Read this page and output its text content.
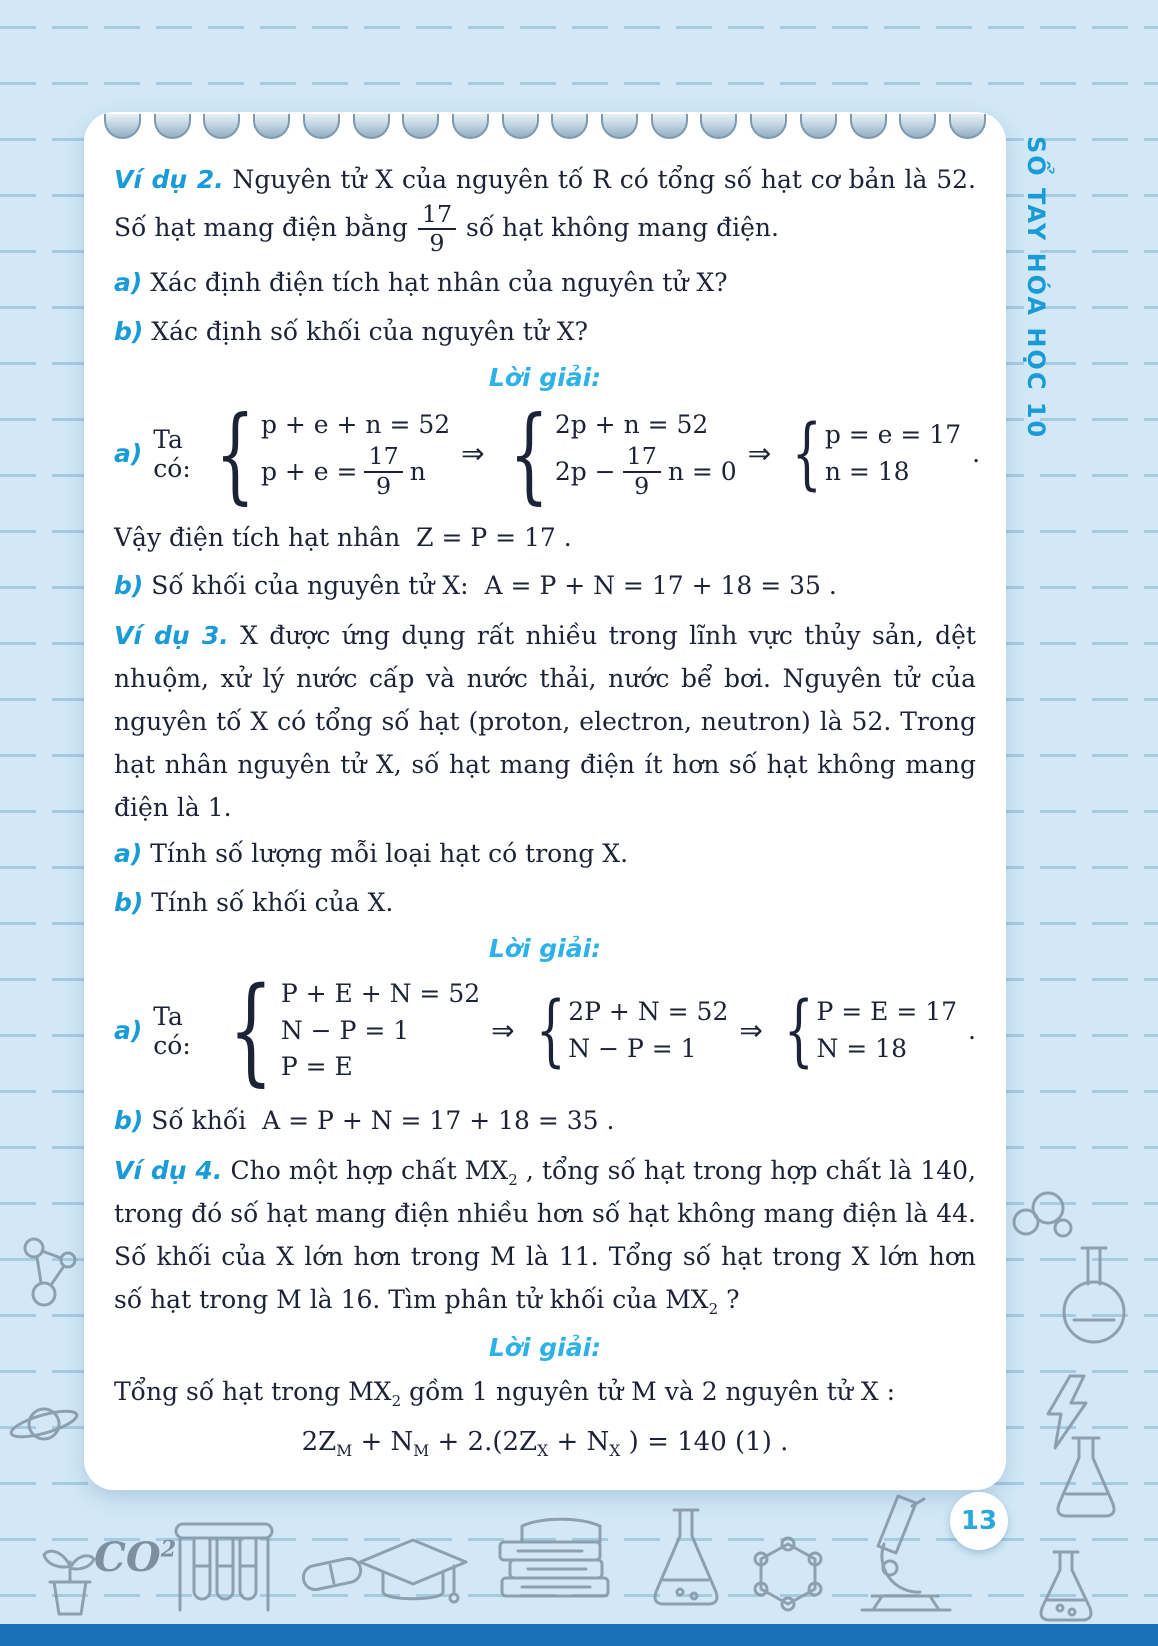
Ví dụ 2. Nguyên tử X của nguyên tố R có tổng số hạt cơ bản là 52. Số hạt mang điện bằng $\frac{17}{9}$ số hạt không mang điện.

a) Xác định điện tích hạt nhân của nguyên tử X?

b) Xác định số khối của nguyên tử X?

Lời giải:

a) Ta có: { p + e + n = 52
$p + e = \frac{17}{9}$ n
⇒ { 2p + n = 52
$2p - \frac{17}{9}$ n = 0
⇒ { p = e = 17
n = 18
.

Vậy điện tích hạt nhân Z = P = 17 .

b) Số khối của nguyên tử X: A = P + N = 17 + 18 = 35 .

Ví dụ 3. X được ứng dụng rất nhiều trong lĩnh vực thủy sản, dệt nhuộm, xử lý nước cấp và nước thải, nước bể bơi. Nguyên tử của nguyên tố X có tổng số hạt (proton, electron, neutron) là 52. Trong hạt nhân nguyên tử X, số hạt mang điện ít hơn số hạt không mang điện là 1.

a) Tính số lượng mỗi loại hạt có trong X.

b) Tính số khối của X.

Lời giải:

a) Ta có: { P + E + N = 52
N − P = 1
P = E
⇒ { 2P + N = 52
N − P = 1
⇒ { P = E = 17
N = 18
.

b) Số khối A = P + N = 17 + 18 = 35 .

Ví dụ 4. Cho một hợp chất $MX_2$ , tổng số hạt trong hợp chất là 140, trong đó số hạt mang điện nhiều hơn số hạt không mang điện là 44. Số khối của X lớn hơn trong M là 11. Tổng số hạt trong X lớn hơn số hạt trong M là 16. Tìm phân tử khối của $MX_2$ ?

Lời giải:

Tổng số hạt trong $MX_2$ gồm 1 nguyên tử M và 2 nguyên tử X :

$2Z_M + N_M + 2.(2Z_X + N_X$ ) = 140 (1) .

SỔ TAY HÓA HỌC 10
13
$CO^2$
